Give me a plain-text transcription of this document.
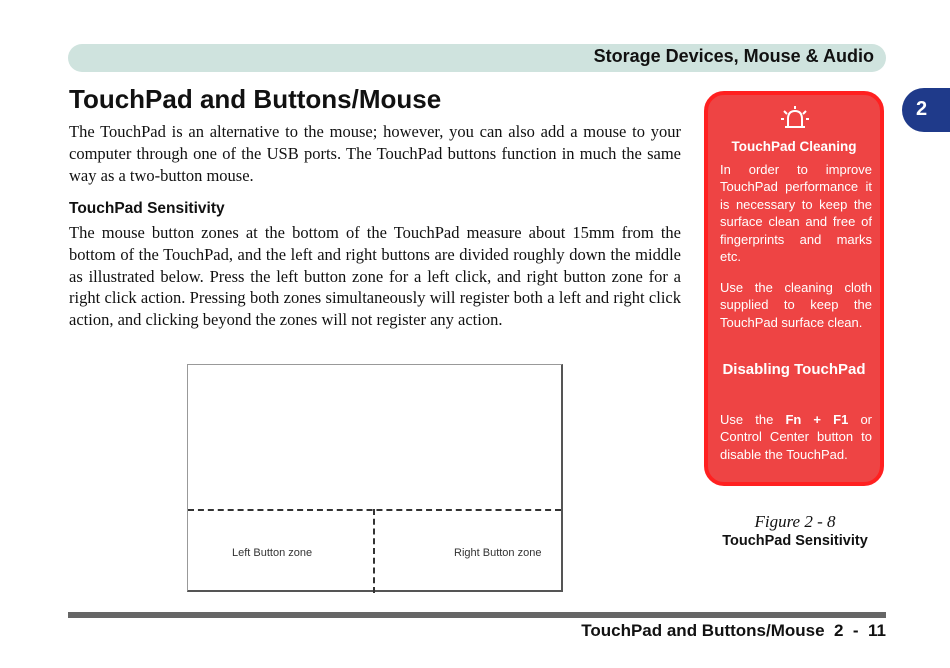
Storage Devices, Mouse & Audio
2
TouchPad and Buttons/Mouse

The TouchPad is an alternative to the mouse; however, you can also add a mouse to your computer through one of the USB ports. The TouchPad buttons function in much the same way as a two-button mouse.

TouchPad Sensitivity

The mouse button zones at the bottom of the TouchPad measure about 15mm from the bottom of the TouchPad, and the left and right buttons are divided roughly down the middle as illustrated below. Press the left button zone for a left click, and right button zone for a right click action. Pressing both zones simultaneously will register both a left and right click action, and clicking beyond the zones will not register any action.

Left Button zone	Right Button zone
TouchPad Cleaning

In order to improve TouchPad performance it is necessary to keep the surface clean and free of fingerprints and marks etc.

Use the cleaning cloth supplied to keep the TouchPad surface clean.

Disabling TouchPad

Use the Fn + F1 or Control Center button to disable the TouchPad.

Figure 2 - 8
TouchPad Sensitivity
TouchPad and Buttons/Mouse  2  -  11
